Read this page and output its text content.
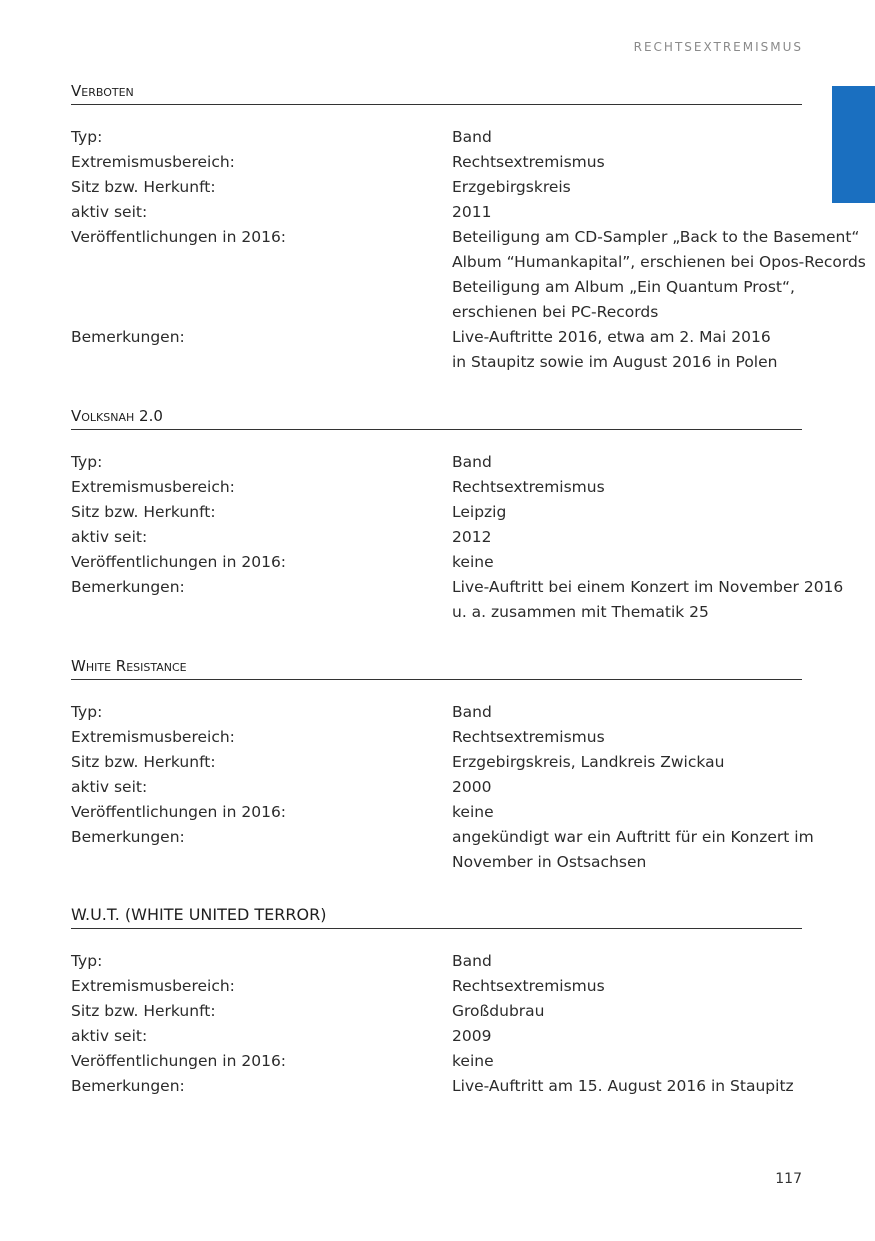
RECHTSEXTREMISMUS
Verboten
Typ:	Band
Extremismusbereich:	Rechtsextremismus
Sitz bzw. Herkunft:	Erzgebirgskreis
aktiv seit:	2011
Veröffentlichungen in 2016:	Beteiligung am CD-Sampler „Back to the Basement“
Album “Humankapital”, erschienen bei Opos-Records
Beteiligung am Album „Ein Quantum Prost“,
erschienen bei PC-Records
Bemerkungen:	Live-Auftritte 2016, etwa am 2. Mai 2016
in Staupitz sowie im August 2016 in Polen
Volksnah 2.0
Typ:	Band
Extremismusbereich:	Rechtsextremismus
Sitz bzw. Herkunft:	Leipzig
aktiv seit:	2012
Veröffentlichungen in 2016:	keine
Bemerkungen:	Live-Auftritt bei einem Konzert im November 2016
u. a. zusammen mit Thematik 25
White Resistance
Typ:	Band
Extremismusbereich:	Rechtsextremismus
Sitz bzw. Herkunft:	Erzgebirgskreis, Landkreis Zwickau
aktiv seit:	2000
Veröffentlichungen in 2016:	keine
Bemerkungen:	angekündigt war ein Auftritt für ein Konzert im
November in Ostsachsen
W.U.T. (WHITE UNITED TERROR)
Typ:	Band
Extremismusbereich:	Rechtsextremismus
Sitz bzw. Herkunft:	Großdubrau
aktiv seit:	2009
Veröffentlichungen in 2016:	keine
Bemerkungen:	Live-Auftritt am 15. August 2016 in Staupitz
117
